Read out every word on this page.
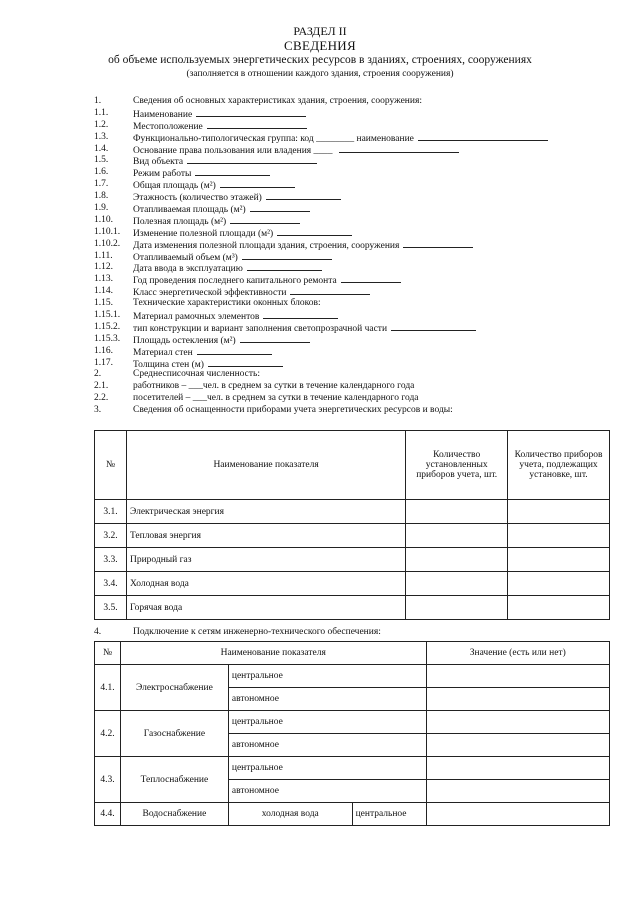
РАЗДЕЛ II
СВЕДЕНИЯ
об объеме используемых энергетических ресурсов в зданиях, строениях, сооружениях
(заполняется в отношении каждого здания, строения сооружения)
1.	Сведения об основных характеристиках здания, строения, сооружения:
1.1.	Наименование
1.2.	Местоположение
1.3.	Функционально-типологическая группа: код ________ наименование
1.4.	Основание права пользования или владения ____
1.5.	Вид объекта
1.6.	Режим работы
1.7.	Общая площадь (м²)
1.8.	Этажность (количество этажей)
1.9.	Отапливаемая площадь (м²)
1.10.	Полезная площадь (м²)
1.10.1.	Изменение полезной площади (м²)
1.10.2.	Дата изменения полезной площади здания, строения, сооружения
1.11.	Отапливаемый объем (м³)
1.12.	Дата ввода в эксплуатацию
1.13.	Год проведения последнего капитального ремонта
1.14.	Класс энергетической эффективности
1.15.	Технические характеристики оконных блоков:
1.15.1.	Материал рамочных элементов
1.15.2.	тип конструкции и вариант заполнения светопрозрачной части
1.15.3.	Площадь остекления (м²)
1.16.	Материал стен
1.17.	Толщина стен (м)
2.	Среднесписочная численность:
2.1.	работников – ___чел. в среднем за сутки в течение календарного года
2.2.	посетителей – ___чел. в среднем за сутки в течение календарного года
3.	Сведения об оснащенности приборами учета энергетических ресурсов и воды:
№	Наименование показателя	Количество установленных приборов учета, шт.	Количество приборов учета, подлежащих установке, шт.
3.1.	Электрическая энергия		
3.2.	Тепловая энергия		
3.3.	Природный газ		
3.4.	Холодная вода		
3.5.	Горячая вода		
4.	Подключение к сетям инженерно-технического обеспечения:
№	Наименование показателя			Значение (есть или нет)
4.1.	Электроснабжение	центральное		
		автономное		
4.2.	Газоснабжение	центральное		
		автономное		
4.3.	Теплоснабжение	центральное		
		автономное		
4.4.	Водоснабжение	холодная вода	центральное	
